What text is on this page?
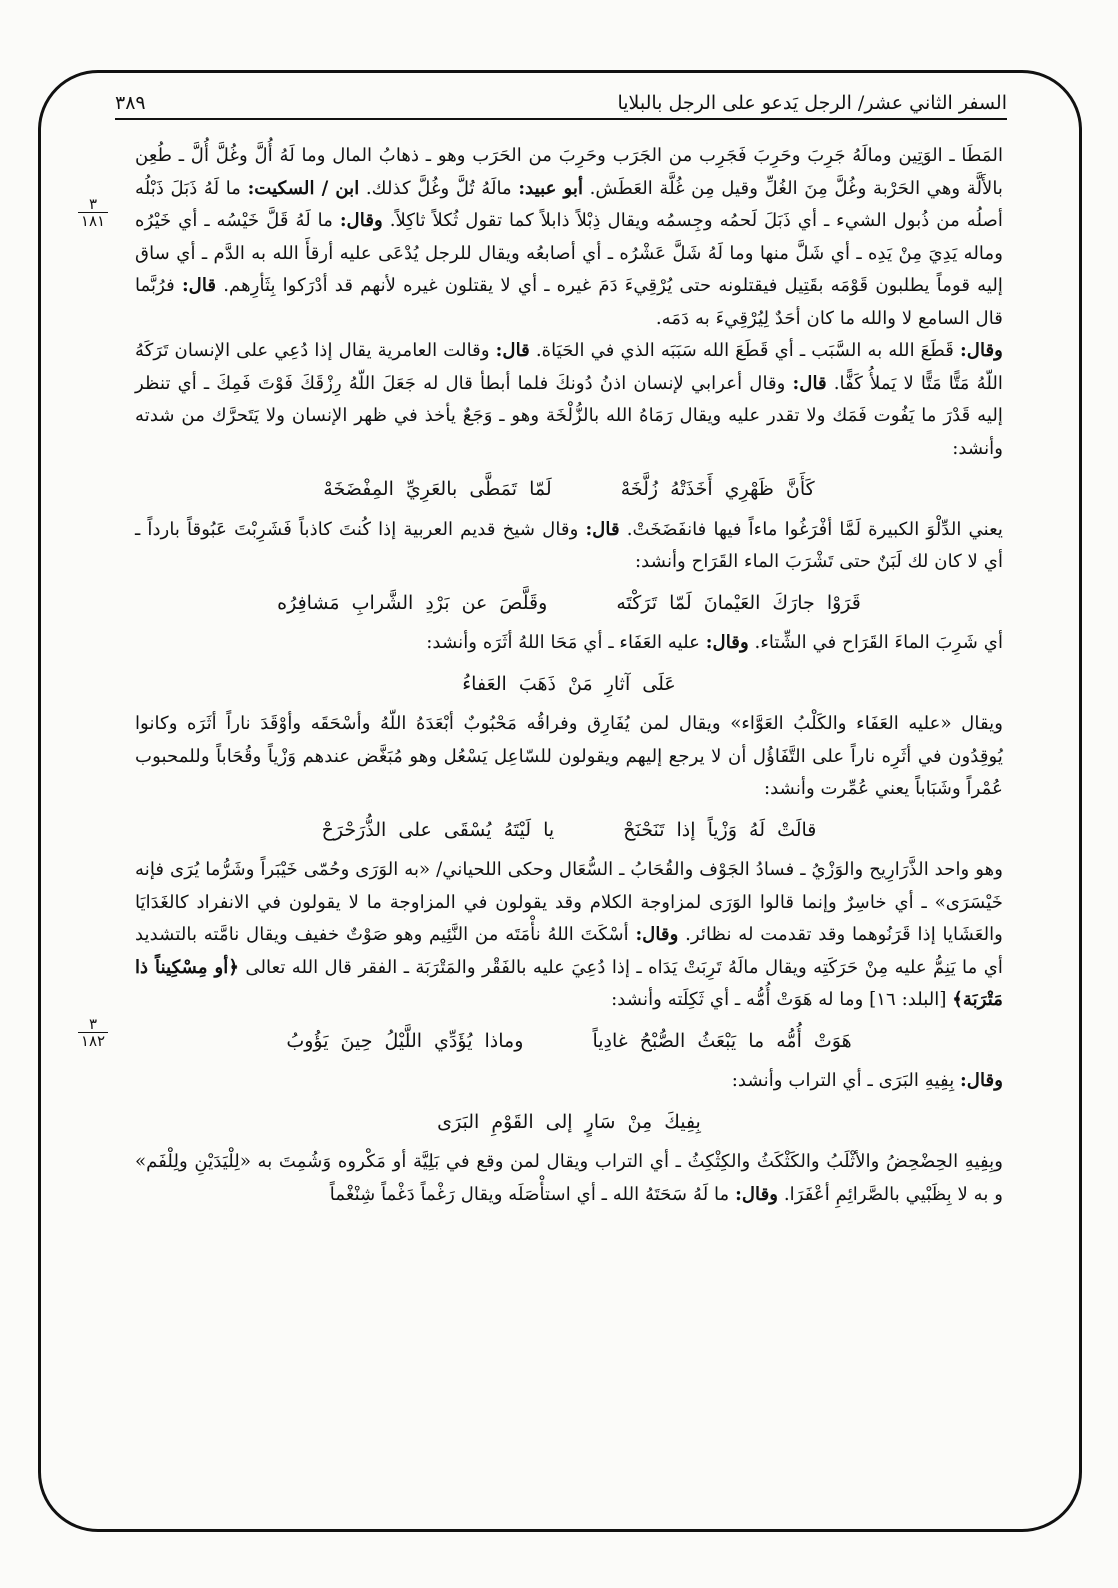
السفر الثاني عشر/ الرجل يَدعو على الرجل بالبلايا
٣٨٩
٣
١٨١
٣
١٨٢

المَطَا ـ الوَتِين ومالَهُ جَرِبَ وحَرِبَ فَجَرِب من الجَرَب وحَرِبَ من الحَرَب وهو ـ ذهابُ المال وما لَهُ أُلَّ وغُلَّ أُلَّ ـ طُعِن بالأَلَّة وهي الحَرْبة وغُلَّ مِنَ الغُلِّ وقيل مِن غُلَّة العَطَش. أبو عبيد: مالَهُ تُلَّ وغُلَّ كذلك. ابن / السكيت: ما لَهُ ذَبَلَ ذَبْلُه أصلُه من ذُبول الشيء ـ أي ذَبَلَ لَحمُه وجِسمُه ويقال ذِبْلاً ذابلاً كما تقول ثُكلاً ثاكِلاً. وقال: ما لَهُ قَلَّ خَيْسُه ـ أي خَيْرُه وماله يَدِيَ مِنْ يَدِه ـ أي شَلَّ منها وما لَهُ شَلَّ عَشْرُه ـ أي أصابعُه ويقال للرجل يُدْعَى عليه أرقأَ الله به الدَّم ـ أي ساق إليه قوماً يطلبون قَوْمَه بقَتِيل فيقتلونه حتى يُرْقِيءَ دَمَ غيره ـ أي لا يقتلون غيره لأنهم قد أدْرَكوا بِثَأرِهم. قال: فرُبَّما قال السامع لا والله ما كان أحَدٌ لِيُرْقِيءَ به دَمَه.

وقال: قَطَعَ الله به السَّبَب ـ أي قَطَعَ الله سَبَبَه الذي في الحَيَاة. قال: وقالت العامرية يقال إذا دُعِي على الإنسان تَرَكَهُ اللّهُ مَتًّا مَتًّا لا يَملأُ كَفًّا. قال: وقال أعرابي لإنسان اذنُ دُونكَ فلما أبطأ قال له جَعَلَ اللّهُ رِزْقَكَ فَوْتَ فَمِكَ ـ أي تنظر إليه قَدْرَ ما يَفُوت فَمَك ولا تقدر عليه ويقال رَمَاهُ الله بالزُّلْخَة وهو ـ وَجَعٌ يأخذ في ظهر الإنسان ولا يَتَحرَّك من شدته وأنشد:

كَأَنَّ ظَهْرِي أَخَذَتْهُ زُلَّخَهْ لَمّا تَمَطَّى بالعَرِيِّ المِفْضَخَهْ

يعني الدِّلْوَ الكبيرة لَمَّا أفْرَغُوا ماءاً فيها فانفَضَخَتْ. قال: وقال شيخ قديم العربية إذا كُنتَ كاذباً فَشَرِبْتَ عَبُوقاً بارداً ـ أي لا كان لك لَبَنٌ حتى تَشْرَبَ الماء القَرَاح وأنشد:

قَرَوْا جارَكَ العَيْمانَ لَمّا تَرَكْتَه وقَلَّصَ عن بَرْدِ الشَّرابِ مَشافِرُه

أي شَرِبَ الماءَ القَرَاح في الشِّتاء. وقال: عليه العَفَاء ـ أي مَحَا اللهُ أثَرَه وأنشد:

عَلَى آثارِ مَنْ ذَهَبَ العَفاءُ

ويقال «عليه العَفَاء والكَلْبُ العَوَّاء» ويقال لمن يُفَارِق وفراقُه مَحْبُوبٌ أبْعَدَهُ اللّهُ وأسْحَقَه وأوْقَدَ ناراً أثَرَه وكانوا يُوقِدُون في أثَرِه ناراً على التَّفَاؤُل أن لا يرجع إليهم ويقولون للسّاعِل يَسْعُل وهو مُبَغَّض عندهم وَزْياً وقُحَاباً وللمحبوب عُمْراً وشَبَاباً يعني عُمِّرت وأنشد:

قالَتْ لَهُ وَزْياً إذا تَنَحْنَحْ يا لَيْتَهُ يُسْقَى على الذُّرَحْرَحْ

وهو واحد الذَّرَارِيح والوَزْيُ ـ فسادُ الجَوْف والقُحَابُ ـ السُّعَال وحكى اللحياني/ «به الوَرَى وحُمّى خَيْبَراً وشَرُّما يُرَى فإنه خَيْسَرَى» ـ أي خاسِرٌ وإنما قالوا الوَرَى لمزاوجة الكلام وقد يقولون في المزاوجة ما لا يقولون في الانفراد كالغَدَايَا والعَشَايا إذا قَرَنُوهما وقد تقدمت له نظائر. وقال: أسْكَتَ اللهُ نأْمَتَه من النَّئِيم وهو صَوْتٌ خفيف ويقال نامَّته بالتشديد أي ما يَنِمُّ عليه مِنْ حَرَكَتِه ويقال مالَهُ تَرِبَتْ يَدَاه ـ إذا دُعِيَ عليه بالفَقْر والمَتْرَبَة ـ الفقر قال الله تعالى ﴿أو مِسْكِيناً ذا مَتْرَبَة﴾ [البلد: ١٦] وما له هَوَتْ أُمُّه ـ أي ثَكِلَته وأنشد:

هَوَتْ أُمُّه ما يَبْعَثُ الصُّبْحُ غادِياً وماذا يُؤَدِّي اللَّيْلُ حِينَ يَؤُوبُ

وقال: بِفِيهِ البَرَى ـ أي التراب وأنشد:

بِفِيكَ مِنْ سَارٍ إلى القَوْمِ البَرَى

وبِفِيهِ الحِضْحِضُ والأثْلَبُ والكَثْكَثُ والكِثْكِثُ ـ أي التراب ويقال لمن وقع في بَلِيَّة أو مَكْروه وَشُمِتَ به «لِلْيَدَيْنِ ولِلْفَم» و به لا بِظَبْيي بالصَّرائِمِ أعْفَرَا. وقال: ما لَهُ سَحَتَهُ الله ـ أي استأْصَلَه ويقال رَغْماً دَغْماً شِنْغْماً
